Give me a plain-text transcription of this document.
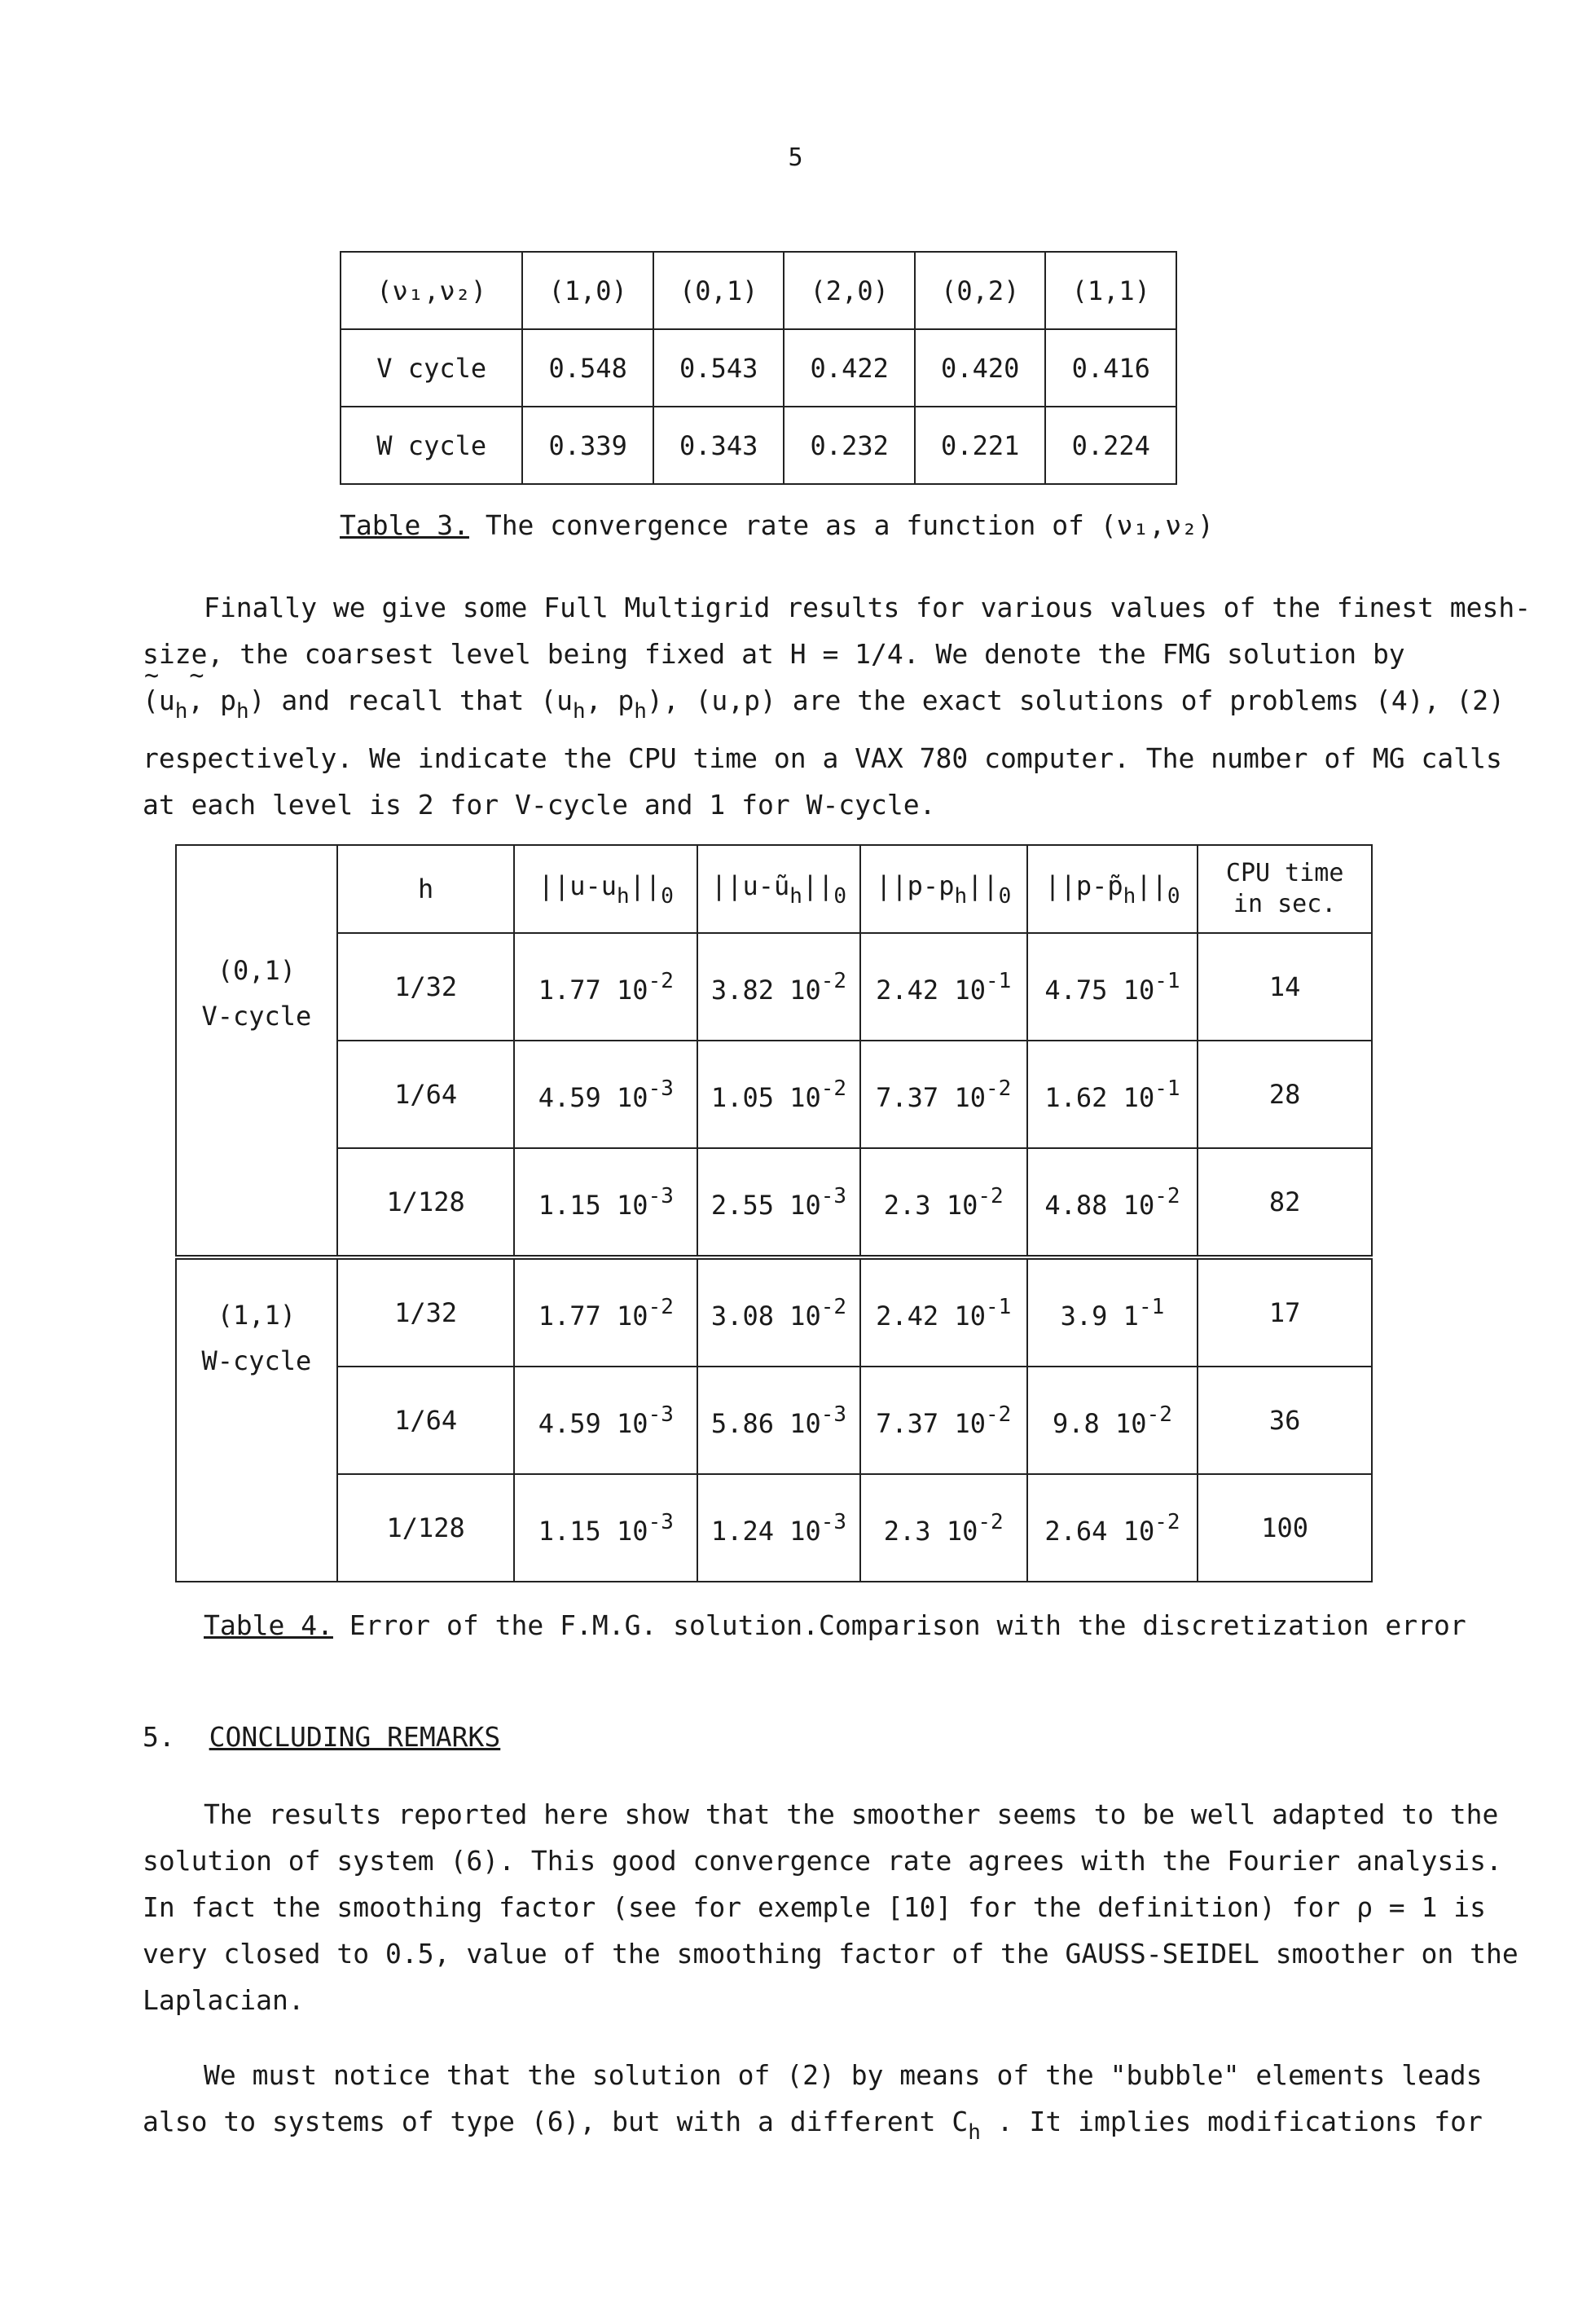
5
(ν₁,ν₂)	(1,0)	(0,1)	(2,0)	(0,2)	(1,1)
V cycle	0.548	0.543	0.422	0.420	0.416
W cycle	0.339	0.343	0.232	0.221	0.224
Table 3. The convergence rate as a function of (ν₁,ν₂)
Finally we give some Full Multigrid results for various values of the finest mesh-
size, the coarsest level being fixed at H = 1/4. We denote the FMG solution by
~ ($u_h\sim$ , $p_h$) and recall that ($u_h$, $p_h$), (u,p) are the exact solutions of problems (4), (2)
respectively. We indicate the CPU time on a VAX 780 computer. The number of MG calls
at each level is 2 for V-cycle and 1 for W-cycle.
	h	$||u-u_h||_0$	$||u-ũ_h||_0$	$||p-p_h||_0$	$||p-p̃_h||_0$	CPU time
in sec.
(0,1)
V-cycle	1/32	1.77 $10^{-2}$	3.82 $10^{-2}$	2.42 $10^{-1}$	4.75 $10^{-1}$	14
	1/64	4.59 $10^{-3}$	1.05 $10^{-2}$	7.37 $10^{-2}$	1.62 $10^{-1}$	28
	1/128	1.15 $10^{-3}$	2.55 $10^{-3}$	2.3 $10^{-2}$	4.88 $10^{-2}$	82
(1,1)
W-cycle	1/32	1.77 $10^{-2}$	3.08 $10^{-2}$	2.42 $10^{-1}$	3.9 $1^{-1}$	17
	1/64	4.59 $10^{-3}$	5.86 $10^{-3}$	7.37 $10^{-2}$	9.8 $10^{-2}$	36
	1/128	1.15 $10^{-3}$	1.24 $10^{-3}$	2.3 $10^{-2}$	2.64 $10^{-2}$	100
Table 4. Error of the F.M.G. solution.Comparison with the discretization error
5. CONCLUDING REMARKS
The results reported here show that the smoother seems to be well adapted to the
solution of system (6). This good convergence rate agrees with the Fourier analysis.
In fact the smoothing factor (see for exemple [10] for the definition) for ρ = 1 is
very closed to 0.5, value of the smoothing factor of the GAUSS-SEIDEL smoother on the
Laplacian.
We must notice that the solution of (2) by means of the "bubble" elements leads
also to systems of type (6), but with a different $C_h$ . It implies modifications for
